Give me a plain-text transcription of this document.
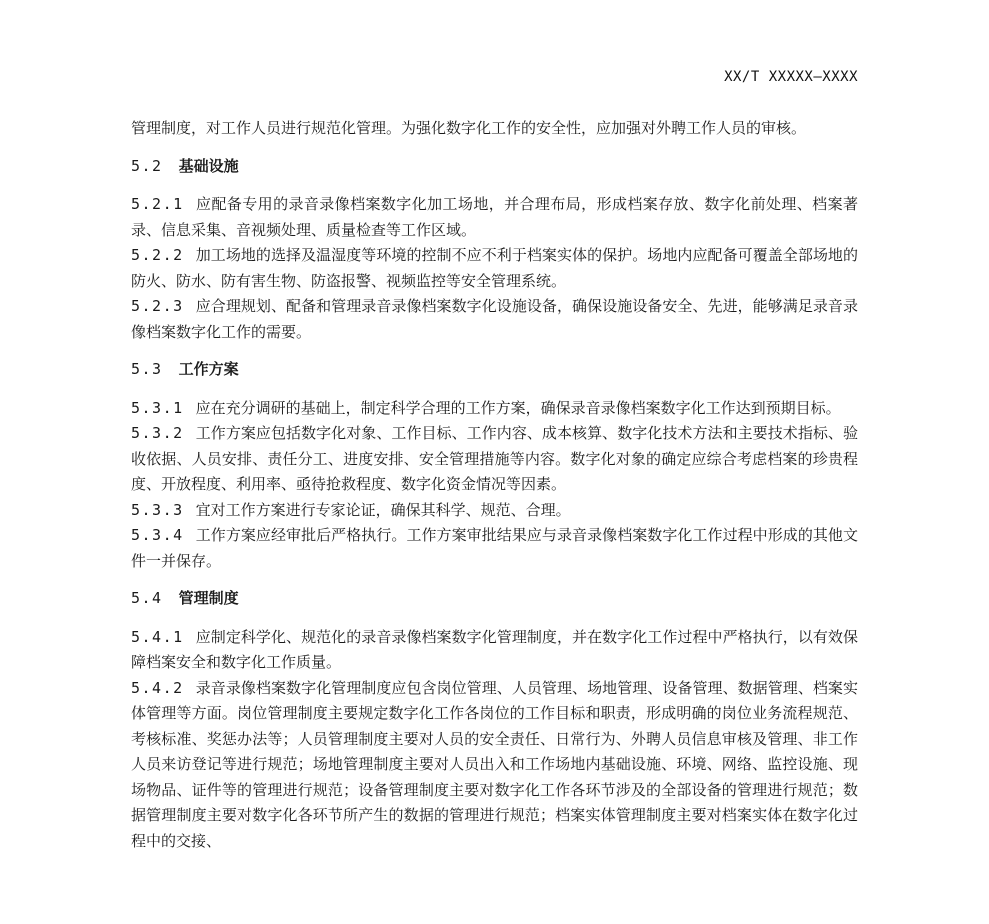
XX/T XXXXX—XXXX

管理制度，对工作人员进行规范化管理。为强化数字化工作的安全性，应加强对外聘工作人员的审核。

5.2 基础设施

5.2.1 应配备专用的录音录像档案数字化加工场地，并合理布局，形成档案存放、数字化前处理、档案著录、信息采集、音视频处理、质量检查等工作区域。

5.2.2 加工场地的选择及温湿度等环境的控制不应不利于档案实体的保护。场地内应配备可覆盖全部场地的防火、防水、防有害生物、防盗报警、视频监控等安全管理系统。

5.2.3 应合理规划、配备和管理录音录像档案数字化设施设备，确保设施设备安全、先进，能够满足录音录像档案数字化工作的需要。

5.3 工作方案

5.3.1 应在充分调研的基础上，制定科学合理的工作方案，确保录音录像档案数字化工作达到预期目标。

5.3.2 工作方案应包括数字化对象、工作目标、工作内容、成本核算、数字化技术方法和主要技术指标、验收依据、人员安排、责任分工、进度安排、安全管理措施等内容。数字化对象的确定应综合考虑档案的珍贵程度、开放程度、利用率、亟待抢救程度、数字化资金情况等因素。

5.3.3 宜对工作方案进行专家论证，确保其科学、规范、合理。

5.3.4 工作方案应经审批后严格执行。工作方案审批结果应与录音录像档案数字化工作过程中形成的其他文件一并保存。

5.4 管理制度

5.4.1 应制定科学化、规范化的录音录像档案数字化管理制度，并在数字化工作过程中严格执行，以有效保障档案安全和数字化工作质量。

5.4.2 录音录像档案数字化管理制度应包含岗位管理、人员管理、场地管理、设备管理、数据管理、档案实体管理等方面。岗位管理制度主要规定数字化工作各岗位的工作目标和职责，形成明确的岗位业务流程规范、考核标准、奖惩办法等；人员管理制度主要对人员的安全责任、日常行为、外聘人员信息审核及管理、非工作人员来访登记等进行规范；场地管理制度主要对人员出入和工作场地内基础设施、环境、网络、监控设施、现场物品、证件等的管理进行规范；设备管理制度主要对数字化工作各环节涉及的全部设备的管理进行规范；数据管理制度主要对数字化各环节所产生的数据的管理进行规范；档案实体管理制度主要对档案实体在数字化过程中的交接、
